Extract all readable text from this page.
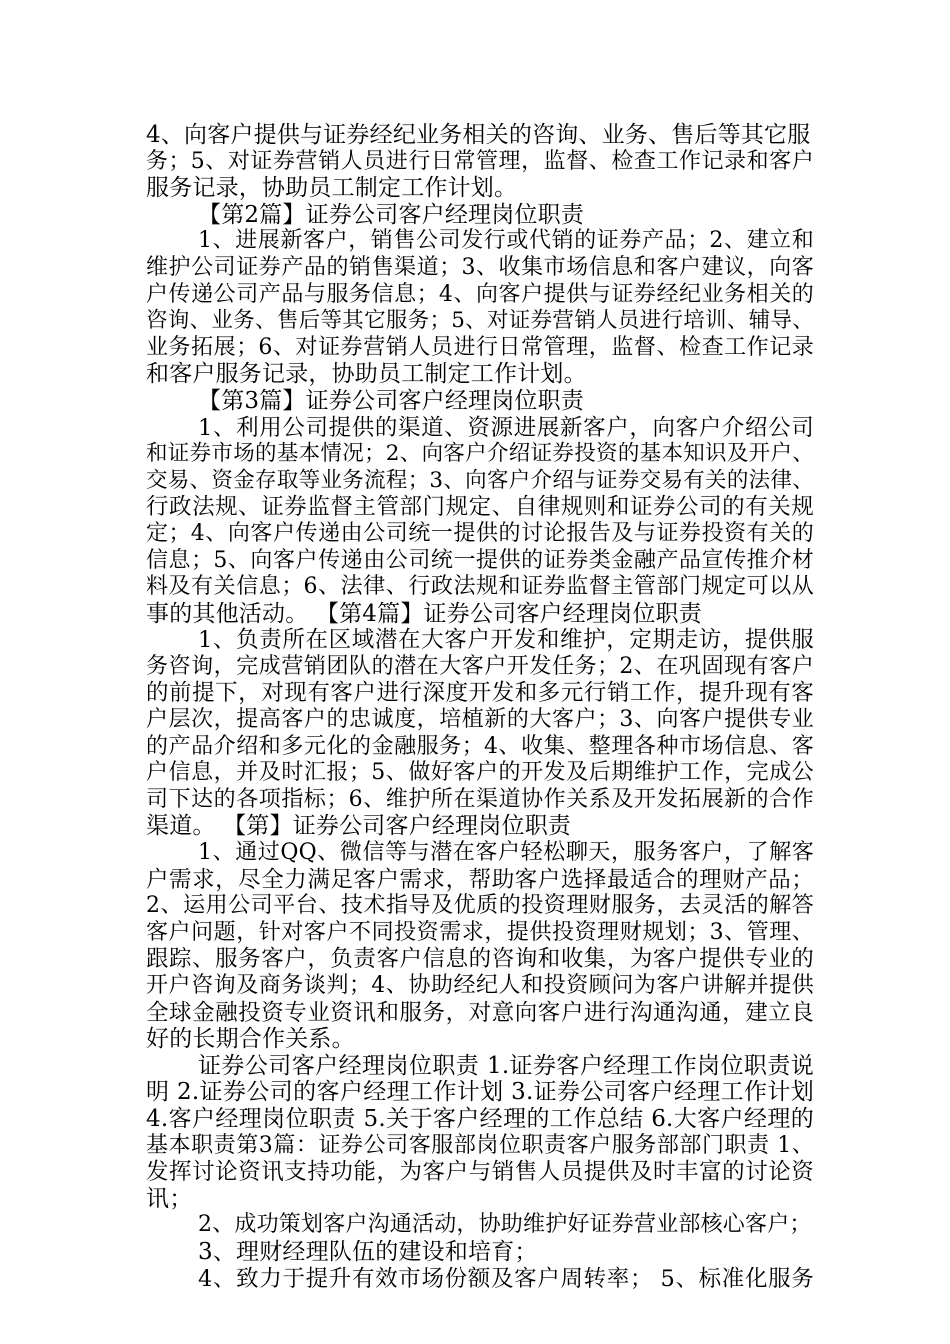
4、向客户提供与证券经纪业务相关的咨询、业务、售后等其它服
务；5、对证券营销人员进行日常管理，监督、检查工作记录和客户
服务记录，协助员工制定工作计划。
【第2篇】证券公司客户经理岗位职责
1、进展新客户，销售公司发行或代销的证券产品；2、建立和
维护公司证券产品的销售渠道；3、收集市场信息和客户建议，向客
户传递公司产品与服务信息；4、向客户提供与证券经纪业务相关的
咨询、业务、售后等其它服务；5、对证券营销人员进行培训、辅导、
业务拓展；6、对证券营销人员进行日常管理，监督、检查工作记录
和客户服务记录，协助员工制定工作计划。
【第3篇】证券公司客户经理岗位职责
1、利用公司提供的渠道、资源进展新客户，向客户介绍公司
和证券市场的基本情况；2、向客户介绍证券投资的基本知识及开户、
交易、资金存取等业务流程；3、向客户介绍与证券交易有关的法律、
行政法规、证券监督主管部门规定、自律规则和证券公司的有关规
定；4、向客户传递由公司统一提供的讨论报告及与证券投资有关的
信息；5、向客户传递由公司统一提供的证券类金融产品宣传推介材
料及有关信息；6、法律、行政法规和证券监督主管部门规定可以从
事的其他活动。 【第4篇】证券公司客户经理岗位职责
1、负责所在区域潜在大客户开发和维护，定期走访，提供服
务咨询，完成营销团队的潜在大客户开发任务；2、在巩固现有客户
的前提下，对现有客户进行深度开发和多元行销工作，提升现有客
户层次，提高客户的忠诚度，培植新的大客户；3、向客户提供专业
的产品介绍和多元化的金融服务；4、收集、整理各种市场信息、客
户信息，并及时汇报；5、做好客户的开发及后期维护工作，完成公
司下达的各项指标；6、维护所在渠道协作关系及开发拓展新的合作
渠道。 【第】证券公司客户经理岗位职责
1、通过QQ、微信等与潜在客户轻松聊天，服务客户，了解客
户需求，尽全力满足客户需求，帮助客户选择最适合的理财产品；
2、运用公司平台、技术指导及优质的投资理财服务，去灵活的解答
客户问题，针对客户不同投资需求，提供投资理财规划；3、管理、
跟踪、服务客户，负责客户信息的咨询和收集，为客户提供专业的
开户咨询及商务谈判；4、协助经纪人和投资顾问为客户讲解并提供
全球金融投资专业资讯和服务，对意向客户进行沟通沟通，建立良
好的长期合作关系。
证券公司客户经理岗位职责 1.证券客户经理工作岗位职责说
明 2.证券公司的客户经理工作计划 3.证券公司客户经理工作计划
4.客户经理岗位职责 5.关于客户经理的工作总结 6.大客户经理的
基本职责第3篇：证券公司客服部岗位职责客户服务部部门职责 1、
发挥讨论资讯支持功能，为客户与销售人员提供及时丰富的讨论资
讯；
2、成功策划客户沟通活动，协助维护好证券营业部核心客户；
3、理财经理队伍的建设和培育；
4、致力于提升有效市场份额及客户周转率； 5、标准化服务
